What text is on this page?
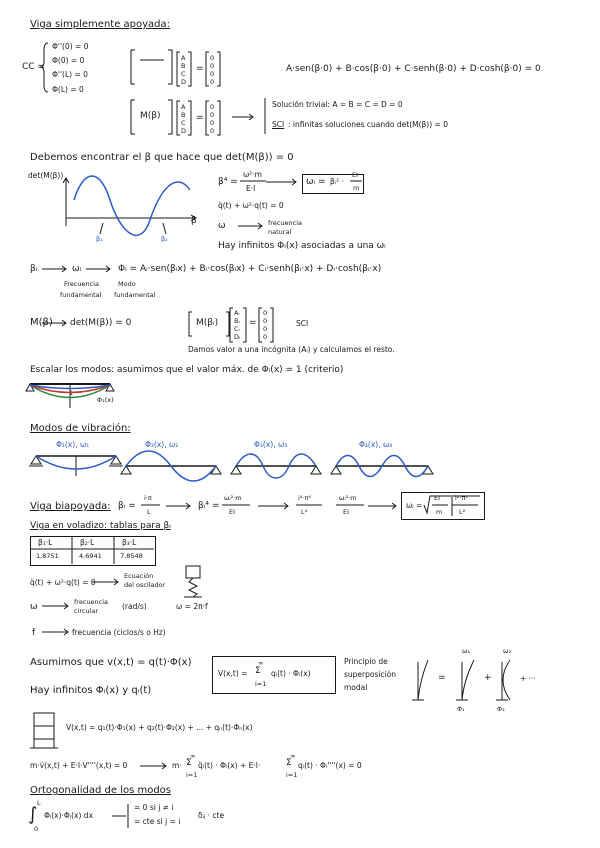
Viga simplemente apoyada:
CC =
Φ''(0) = 0
Φ(0) = 0
Φ''(L) = 0
Φ(L) = 0
A
B
C
D
=
0
0
0
0
A·sen(β·0) + B·cos(β·0) + C·senh(β·0) + D·cosh(β·0) = 0
M(β)
A
B
C
D
=
0
0
0
0
Solución trivial: A = B = C = D = 0
SCI : infinitas soluciones cuando det(M(β)) = 0
Debemos encontrar el β que hace que det(M(β)) = 0
det(M(β))
β
β₁	β₂
β⁴ =
ω²·m
E·I
ωᵢ = βᵢ² ·
EI
m
q̈(t) + ω²·q(t) = 0
ω	frecuencia
natural
Hay infinitos Φᵢ(x) asociadas a una ωᵢ
βᵢ	ωᵢ	Φᵢ = Aᵢ·sen(βᵢx) + Bᵢ·cos(βᵢx) + Cᵢ·senh(βᵢ·x) + Dᵢ·cosh(βᵢ·x)
Frecuencia
fundamental
Modo
fundamental
M(β) det(M(β)) = 0	M(βᵢ)
Aᵢ
Bᵢ
Cᵢ
Dᵢ
=
0
0
0
0
SCI
Damos valor a una incógnita (Aᵢ) y calculamos el resto.
Escalar los modos: asumimos que el valor máx. de Φᵢ(x) = 1 (criterio)
1
Φ₁(x)
Modos de vibración:
Φ₁(x), ω₁	Φ₂(x), ω₂	Φ₃(x), ω₃	Φ₄(x), ω₄
Viga biapoyada: βᵢ =
i·π
L
βᵢ⁴ =
ωᵢ²·m
EI
i⁴·π⁴
L⁴
ωᵢ²·m
EI
ωᵢ =
EI
m
i²·π²
L²
Viga en voladizo: tablas para βᵢ
β₁·L	β₂·L	β₃·L
1,8751	4,6941	7,8548
q̈(t) + ω²·q(t) = 0
Ecuación
del oscilador
ω	frecuencia
circular	(rad/s)	ω = 2π·f
f	frecuencia (ciclos/s o Hz)
Asumimos que v(x,t) = q(t)·Φ(x)
V(x,t) =
∞
Σ
i=1
qᵢ(t) · Φᵢ(x)
Principio de
superposición
modal
Hay infinitos Φᵢ(x) y qᵢ(t)
ω₁	ω₂
=	+	+ ···
Φ₁	Φ₂
V(x,t) = q₁(t)·Φ₁(x) + q₂(t)·Φ₂(x) + ... + qₙ(t)·Φₙ(x)
m·v̈(x,t) + E·I·V''''(x,t) = 0	m·
∞
Σ
i=1
q̈ᵢ(t) · Φᵢ(x) + E·I·
∞
Σ
i=1
qᵢ(t) · Φᵢ''''(x) = 0
Ortogonalidad de los modos
L
∫
0
Φᵢ(x)·Φⱼ(x) dx
= 0 si j ≠ i
= cte si j = i
δᵢⱼ · cte
